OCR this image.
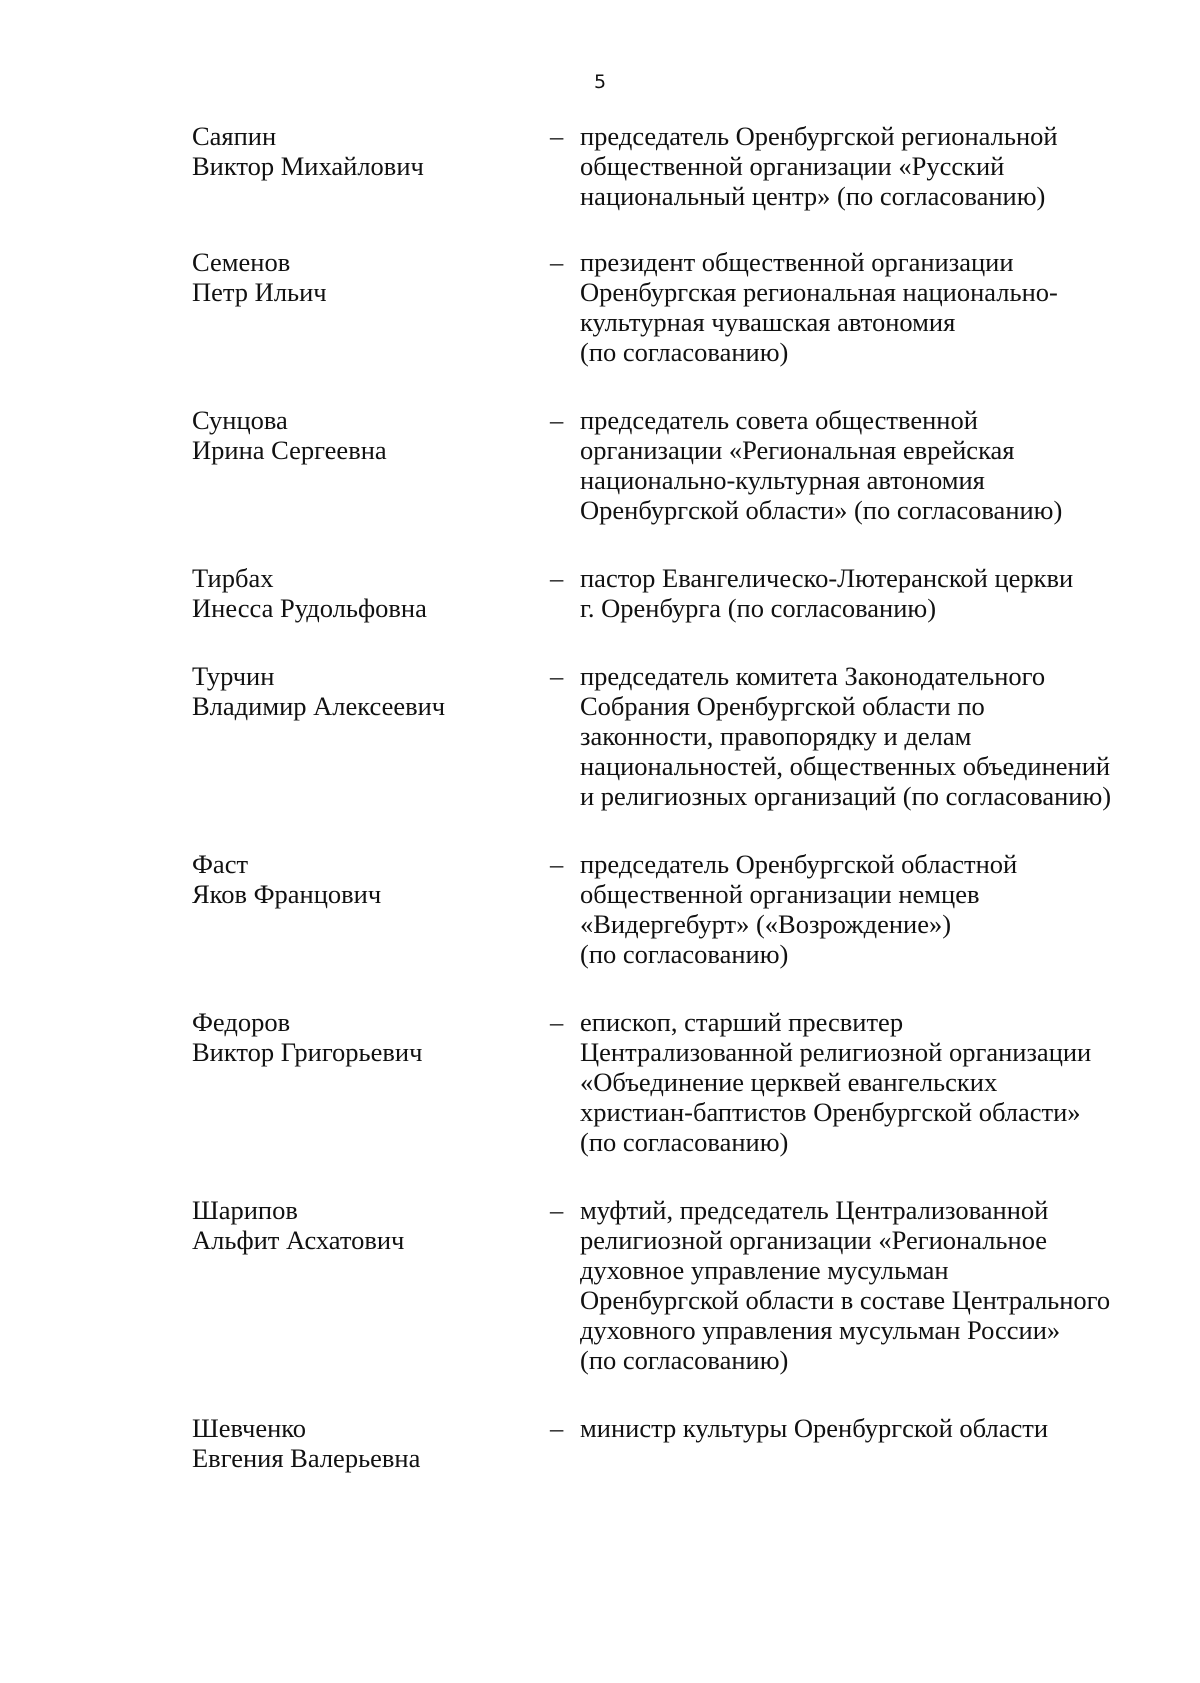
5
Саяпин
Виктор Михайлович
– председатель Оренбургской региональной
общественной организации «Русский
национальный центр» (по согласованию)
Семенов
Петр Ильич
– президент общественной организации
Оренбургская региональная национально-
культурная чувашская автономия
(по согласованию)
Сунцова
Ирина Сергеевна
– председатель совета общественной
организации «Региональная еврейская
национально-культурная автономия
Оренбургской области» (по согласованию)
Тирбах
Инесса Рудольфовна
– пастор Евангелическо-Лютеранской церкви
г. Оренбурга (по согласованию)
Турчин
Владимир Алексеевич
– председатель комитета Законодательного
Собрания Оренбургской области по
законности, правопорядку и делам
национальностей, общественных объединений
и религиозных организаций (по согласованию)
Фаст
Яков Францович
– председатель Оренбургской областной
общественной организации немцев
«Видергебурт» («Возрождение»)
(по согласованию)
Федоров
Виктор Григорьевич
– епископ, старший пресвитер
Централизованной религиозной организации
«Объединение церквей евангельских
христиан-баптистов Оренбургской области»
(по согласованию)
Шарипов
Альфит Асхатович
– муфтий, председатель Централизованной
религиозной организации «Региональное
духовное управление мусульман
Оренбургской области в составе Центрального
духовного управления мусульман России»
(по согласованию)
Шевченко
Евгения Валерьевна
– министр культуры Оренбургской области
